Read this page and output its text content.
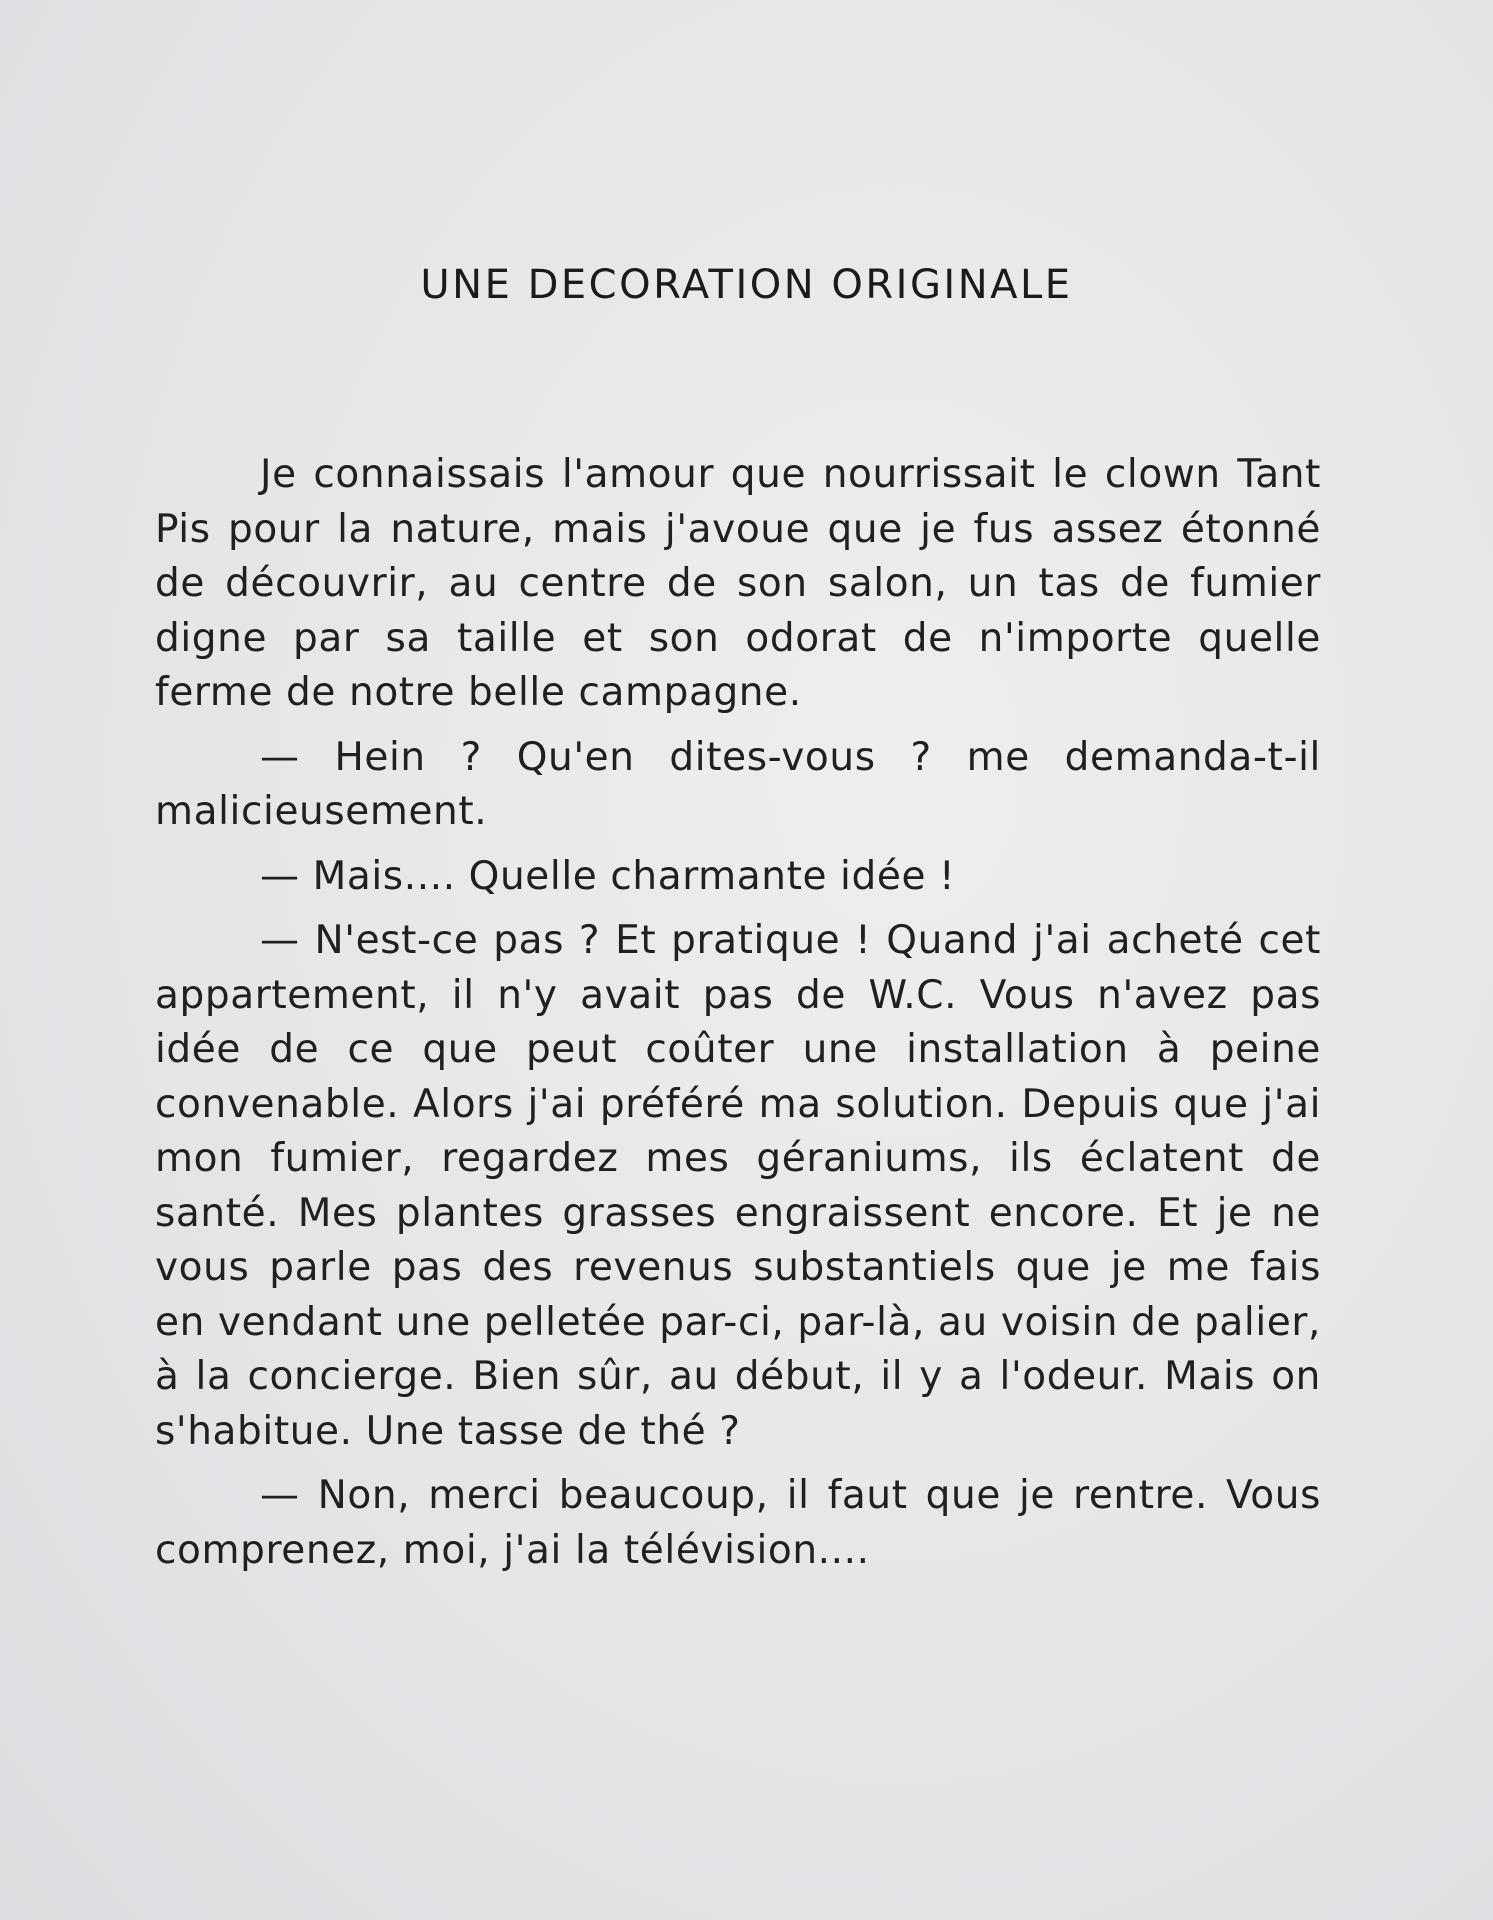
UNE DECORATION ORIGINALE

Je connaissais l'amour que nourrissait le clown Tant Pis pour la nature, mais j'avoue que je fus assez étonné de découvrir, au centre de son salon, un tas de fumier digne par sa taille et son odorat de n'importe quelle ferme de notre belle campagne.

— Hein ? Qu'en dites-vous ? me demanda-t-il malicieusement.

— Mais.... Quelle charmante idée !

— N'est-ce pas ? Et pratique ! Quand j'ai acheté cet appartement, il n'y avait pas de W.C. Vous n'avez pas idée de ce que peut coûter une installation à peine convenable. Alors j'ai préféré ma solution. Depuis que j'ai mon fumier, regardez mes géraniums, ils éclatent de santé. Mes plantes grasses engraissent encore. Et je ne vous parle pas des revenus substantiels que je me fais en vendant une pelletée par-ci, par-là, au voisin de palier, à la concierge. Bien sûr, au début, il y a l'odeur. Mais on s'habitue. Une tasse de thé ?

— Non, merci beaucoup, il faut que je rentre. Vous comprenez, moi, j'ai la télévision....
